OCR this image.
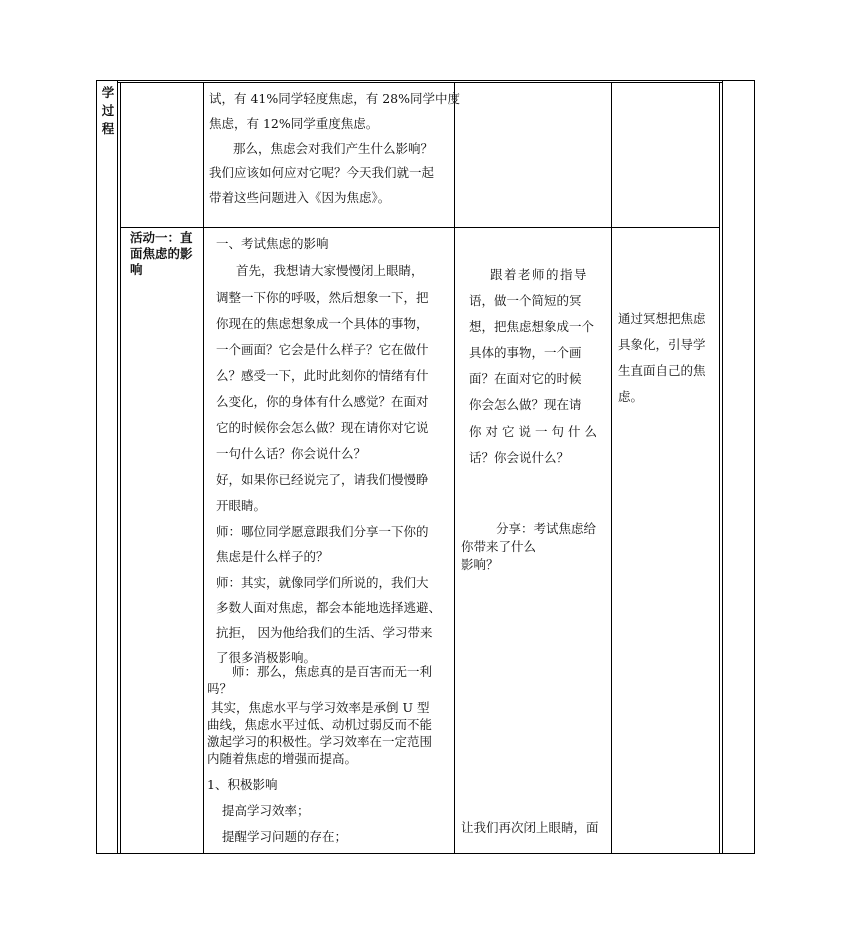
学
过
程
试，有 41%同学轻度焦虑，有 28%同学中度
焦虑，有 12%同学重度焦虑。
那么，焦虑会对我们产生什么影响？
我们应该如何应对它呢？今天我们就一起
带着这些问题进入《因为焦虑》。
活动一：直
面焦虑的影
响
一、考试焦虑的影响
首先，我想请大家慢慢闭上眼睛，
调整一下你的呼吸，然后想象一下，把
你现在的焦虑想象成一个具体的事物，
一个画面？它会是什么样子？它在做什
么？感受一下，此时此刻你的情绪有什
么变化，你的身体有什么感觉？在面对
它的时候你会怎么做？现在请你对它说
一句什么话？你会说什么？
好，如果你已经说完了，请我们慢慢睁
开眼睛。
师：哪位同学愿意跟我们分享一下你的
焦虑是什么样子的？
师：其实，就像同学们所说的，我们大
多数人面对焦虑，都会本能地选择逃避、
抗拒， 因为他给我们的生活、学习带来
了很多消极影响。
师：那么，焦虑真的是百害而无一利
吗？
其实，焦虑水平与学习效率是承倒 U 型
曲线，焦虑水平过低、动机过弱反而不能
激起学习的积极性。学习效率在一定范围
内随着焦虑的增强而提高。
1、积极影响
提高学习效率；
提醒学习问题的存在；
跟着老师的指导
语，做一个简短的冥
想，把焦虑想象成一个
具体的事物，一个画
面？在面对它的时候
你会怎么做？现在请
你对它说一句什么
话？你会说什么？
分享：考试焦虑给
你带来了什么
影响？
让我们再次闭上眼睛，面
通过冥想把焦虑
具象化，引导学
生直面自己的焦
虑。
